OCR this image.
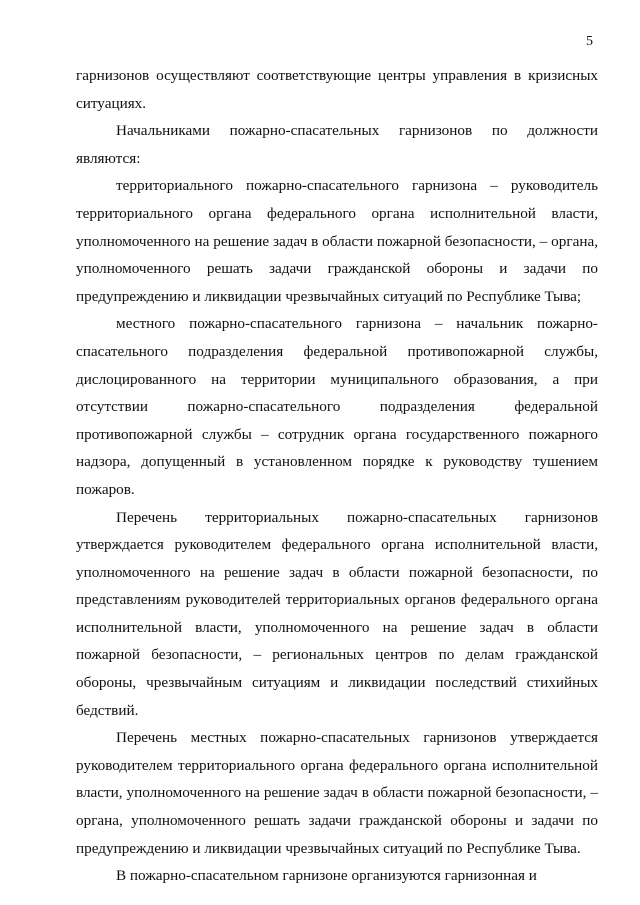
5

гарнизонов осуществляют соответствующие центры управления в кризисных ситуациях.

Начальниками пожарно-спасательных гарнизонов по должности являются:

территориального пожарно-спасательного гарнизона – руководитель территориального органа федерального органа исполнительной власти, уполномоченного на решение задач в области пожарной безопасности, – органа, уполномоченного решать задачи гражданской обороны и задачи по предупреждению и ликвидации чрезвычайных ситуаций по Республике Тыва;

местного пожарно-спасательного гарнизона – начальник пожарно-спасательного подразделения федеральной противопожарной службы, дислоцированного на территории муниципального образования, а при отсутствии пожарно-спасательного подразделения федеральной противопожарной службы – сотрудник органа государственного пожарного надзора, допущенный в установленном порядке к руководству тушением пожаров.

Перечень территориальных пожарно-спасательных гарнизонов утверждается руководителем федерального органа исполнительной власти, уполномоченного на решение задач в области пожарной безопасности, по представлениям руководителей территориальных органов федерального органа исполнительной власти, уполномоченного на решение задач в области пожарной безопасности, – региональных центров по делам гражданской обороны, чрезвычайным ситуациям и ликвидации последствий стихийных бедствий.

Перечень местных пожарно-спасательных гарнизонов утверждается руководителем территориального органа федерального органа исполнительной власти, уполномоченного на решение задач в области пожарной безопасности, – органа, уполномоченного решать задачи гражданской обороны и задачи по предупреждению и ликвидации чрезвычайных ситуаций по Республике Тыва.

В пожарно-спасательном гарнизоне организуются гарнизонная и
